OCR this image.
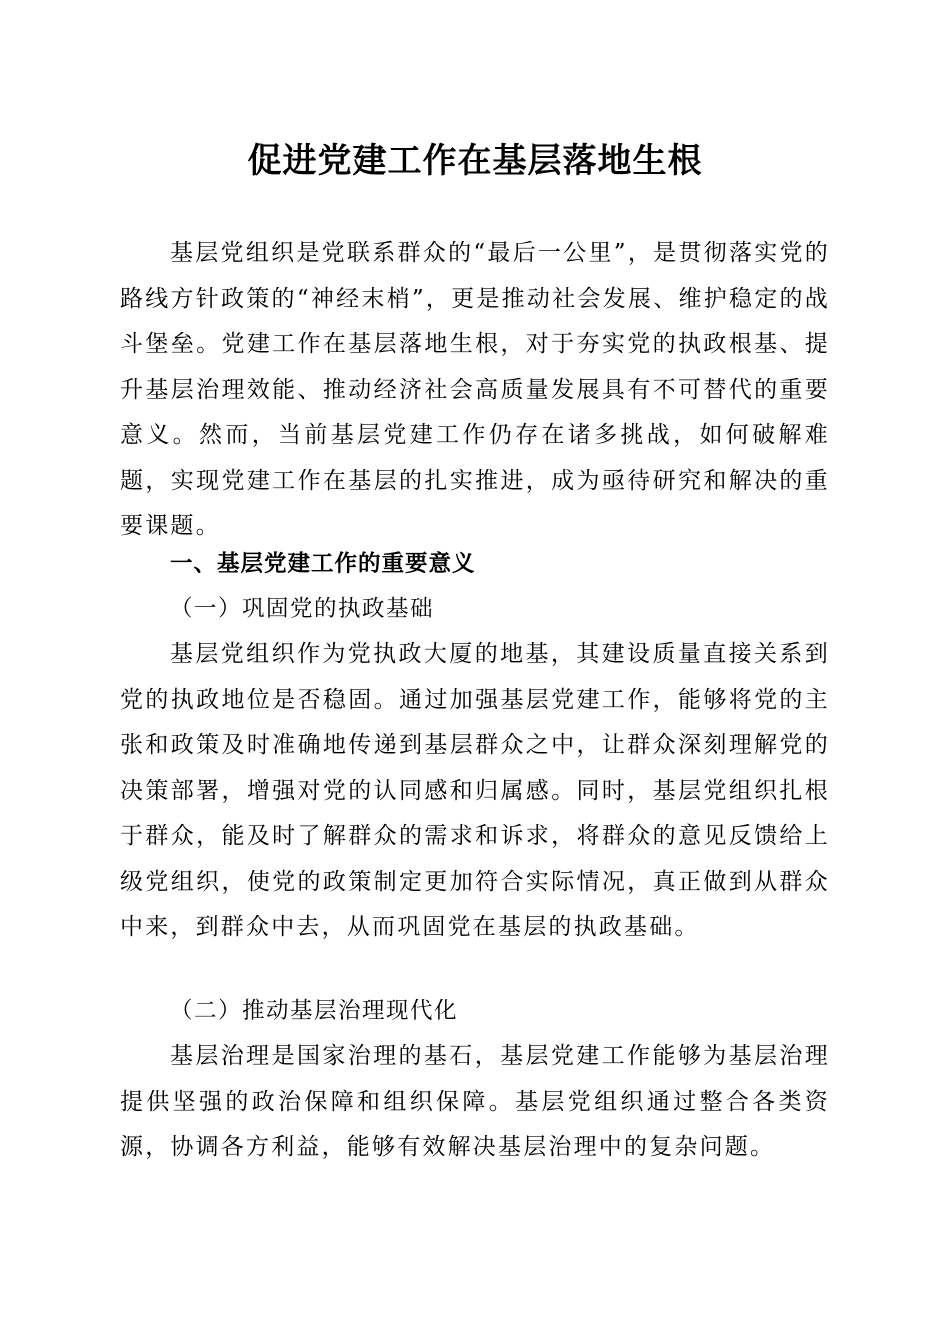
促进党建工作在基层落地生根

基层党组织是党联系群众的“最后一公里”，是贯彻落实党的路线方针政策的“神经末梢”，更是推动社会发展、维护稳定的战斗堡垒。党建工作在基层落地生根，对于夯实党的执政根基、提升基层治理效能、推动经济社会高质量发展具有不可替代的重要意义。然而，当前基层党建工作仍存在诸多挑战，如何破解难题，实现党建工作在基层的扎实推进，成为亟待研究和解决的重要课题。

一、基层党建工作的重要意义

（一）巩固党的执政基础

基层党组织作为党执政大厦的地基，其建设质量直接关系到党的执政地位是否稳固。通过加强基层党建工作，能够将党的主张和政策及时准确地传递到基层群众之中，让群众深刻理解党的决策部署，增强对党的认同感和归属感。同时，基层党组织扎根于群众，能及时了解群众的需求和诉求，将群众的意见反馈给上级党组织，使党的政策制定更加符合实际情况，真正做到从群众中来，到群众中去，从而巩固党在基层的执政基础。

（二）推动基层治理现代化

基层治理是国家治理的基石，基层党建工作能够为基层治理提供坚强的政治保障和组织保障。基层党组织通过整合各类资源，协调各方利益，能够有效解决基层治理中的复杂问题。
